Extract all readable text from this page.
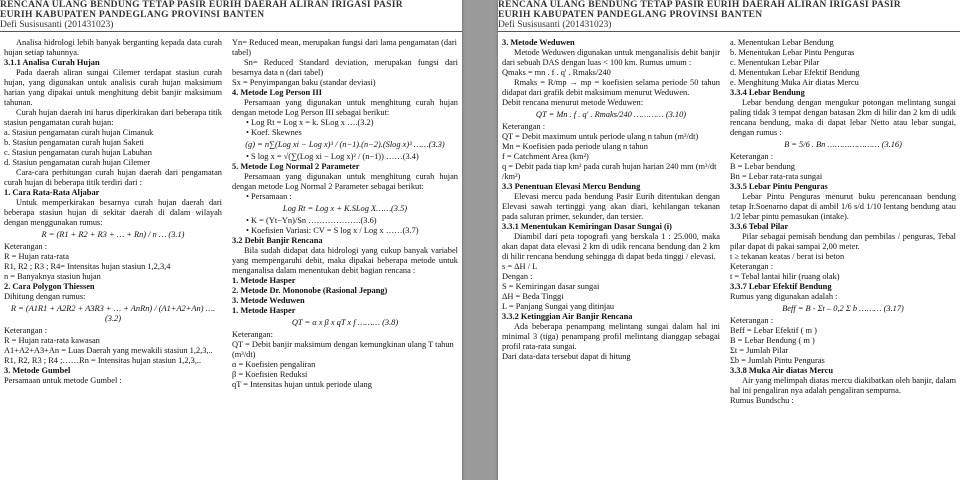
RENCANA ULANG BENDUNG TETAP PASIR EURIH DAERAH ALIRAN IRIGASI PASIR
EURIH KABUPATEN PANDEGLANG PROVINSI BANTEN
Defi Susisusanti (201431023)

Analisa hidrologi lebih banyak berganting kepada data curah hujan setiap tahunnya.

3.1.1 Analisa Curah Hujan

Pada daerah aliran sungai Cilemer terdapat stasiun curah hujan, yang digunakan untuk analisis curah hujan maksimum harian yang dipakai untuk menghitung debit banjir maksimum tahunan.

Curah hujan daerah ini harus diperkirakan dari beberapa titik stasiun pengamatan curah hujan:

a. Stasiun pengamatan curah hujan Cimanuk

b. Stasiun pengamatan curah hujan Saketi

c. Stasiun pengamatan curah hujan Labuhan

d. Stasiun pengamatan curah hujan Cilemer

Cara-cara perhitungan curah hujan daerah dari pengamatan curah hujan di beberapa titik terdiri dari :

1. Cara Rata-Rata Aljabar

Untuk memperkirakan besarnya curah hujan daerah dari beberapa stasiun hujan di sekitar daerah di dalam wilayah dengan menggunakan rumus:

R = (R1 + R2 + R3 + … + Rn) / n … (3.1)

Keterangan :

R = Hujan rata-rata

R1, R2 ; R3 ; R4= Intensitas hujan stasiun 1,2,3,4

n = Banyaknya stasiun hujan

2. Cara Polygon Thiessen

Dihitung dengan rumus:

R = (A1R1 + A2R2 + A3R3 + … + AnRn) / (A1+A2+An) ….(3.2)

Keterangan :

R = Hujan rata-rata kawasan

A1+A2+A3+An = Luas Daerah yang mewakili stasiun 1,2,3,..

R1, R2, R3 ; R4 ;……Rn = Intensitas hujan stasiun 1,2,3,..

3. Metode Gumbel

Persamaan untuk metode Gumbel :

Yn= Reduced mean, merupakan fungsi dari lama pengamatan (dari tabel)

Sn= Reduced Standard deviation, merupakan fungsi dari besarnya data n (dari tabel)

Sx = Penyimpangan baku (standar deviasi)

4. Metode Log Person III

Persamaan yang digunakan untuk menghitung curah hujan dengan metode Log Person III sebagai berikut:

• Log Rt = Log x = k. SLog x ….(3.2)

• Koef. Skewnes

(g) = n∑(Log xi − Log x)³ / (n−1).(n−2).(Slog x)³ ……(3.3)

• S log x = √(∑(Log xi − Log x)² / (n−1)) ……(3.4)

5. Metode Log Normal 2 Parameter

Persamaan yang digunakan untuk menghitung curah hujan dengan metode Log Normal 2 Parameter sebagai berikut:

• Persamaan :

Log Rt = Log x + K.SLog X……(3.5)

• K = (Yt−Yn)/Sn ……………….(3.6)

• Koefisien Variasi: CV = S log x / Log x ……(3.7)

3.2 Debit Banjir Rencana

Bila sudah didapat data hidrologi yang cukup banyak variabel yang mempengaruhi debit, maka dipakai beberapa metode untuk menganalisa dalam menentukan debit bagian rencana :

1. Metode Hasper

2. Metode Dr. Mononobe (Rasional Jepang)

3. Metode Weduwen

1. Metode Hasper

QT = α x β x qT x f ……… (3.8)

Keterangan:

QT = Debit banjir maksimum dengan kemungkinan ulang T tahun (m³/dt)

α = Koefisien pengaliran

β = Koefisien Reduksi

qT = Intensitas hujan untuk periode ulang

RENCANA ULANG BENDUNG TETAP PASIR EURIH DAERAH ALIRAN IRIGASI PASIR
EURIH KABUPATEN PANDEGLANG PROVINSI BANTEN
Defi Susisusanti (201431023)

3. Metode Weduwen

Metode Weduwen digunakan untuk menganalisis debit banjir dari sebuah DAS dengan luas < 100 km. Rumus umum :

Qmaks = mn . f . q' . Rmaks/240

Rmaks = R/mp → mp = koefisien selama periode 50 tahun didapat dari grafik debit maksimum menurut Weduwen.

Debit rencana menurut metode Weduwen:

QT = Mn . f . q' . Rmaks/240 ………… (3.10)

Keterangan :

QT = Debit maximum untuk periode ulang n tahun (m³/dt)

Mn = Koefisien pada periode ulang n tahun

f = Catchment Area (km²)

q = Debit pada tiap km² pada curah hujan harian 240 mm (m³/dt /km²)

3.3 Penentuan Elevasi Mercu Bendung

Elevasi mercu pada bendung Pasir Eurih ditentukan dengan Elevasi sawah tertinggi yang akan diari, kehilangan tekanan pada saluran primer, sekunder, dan tersier.

3.3.1 Menentukan Kemiringan Dasar Sungai (i)

Diambil dari peta topografi yang berskala 1 : 25.000, maka akan dapat data elevasi 2 km di udik rencana bendung dan 2 km di hilir rencana bendung sehingga di dapat beda tinggi / elevasi.

s = ΔH / L

Dengan :

S = Kemiringan dasar sungai

ΔH = Beda Tinggi

L = Panjang Sungai yang ditinjau

3.3.2 Ketinggian Air Banjir Rencana

Ada beberapa penampang melintang sungai dalam hal ini minimal 3 (tiga) penampang profil melintang dianggap sebagai profil rata-rata sungai.

Dari data-data tersebut dapat di hitung

a. Menentukan Lebar Bendung

b. Menentukan Lebar Pintu Penguras

c. Menentukan Lebar Pilar

d. Menentukan Lebar Efektif Bendung

e. Menghitung Muka Air diatas Mercu

3.3.4 Lebar Bendung

Lebar bendung dengan mengukur potongan melintang sungai paling tidak 3 tempat dengan batasan 2km di hilir dan 2 km di udik rencana bendung, maka di dapat lebar Netto atau lebar sungai, dengan rumus :

B = 5/6 . Bn ………………… (3.16)

Keterangan :

B = Lebar bendung

Bn = Lebar rata-rata sungai

3.3.5 Lebar Pintu Penguras

Lebar Pintu Penguras menurut buku perencanaan bendung tetap Ir.Soenarno dapat di ambil 1/6 s/d 1/10 lentang bendung atau 1/2 lebar pintu pemasukan (intake).

3.3.6 Tebal Pilar

Pilar sebagai pemisah bendung dan pembilas / penguras, Tebal pilar dapat di pakai sampai 2,00 meter.

t ≥ tekanan keatas / berat isi beton

Keterangan :

t = Tebal lantai hilir (ruang olak)

3.3.7 Lebar Efektif Bendung

Rumus yang digunakan adalah :

Beff = B - Σt – 0,2 Σ b ……… (3.17)

Keterangan :

Beff = Lebar Efektif ( m )

B = Lebar Bendung ( m )

Σt = Jumlah Pilar

Σb = Jumlah Pintu Penguras

3.3.8 Muka Air diatas Mercu

Air yang melimpah diatas mercu diakibatkan oleh banjir, dalam hal ini pengaliran nya adalah pengaliran sempurna.

Rumus Bundschu :
